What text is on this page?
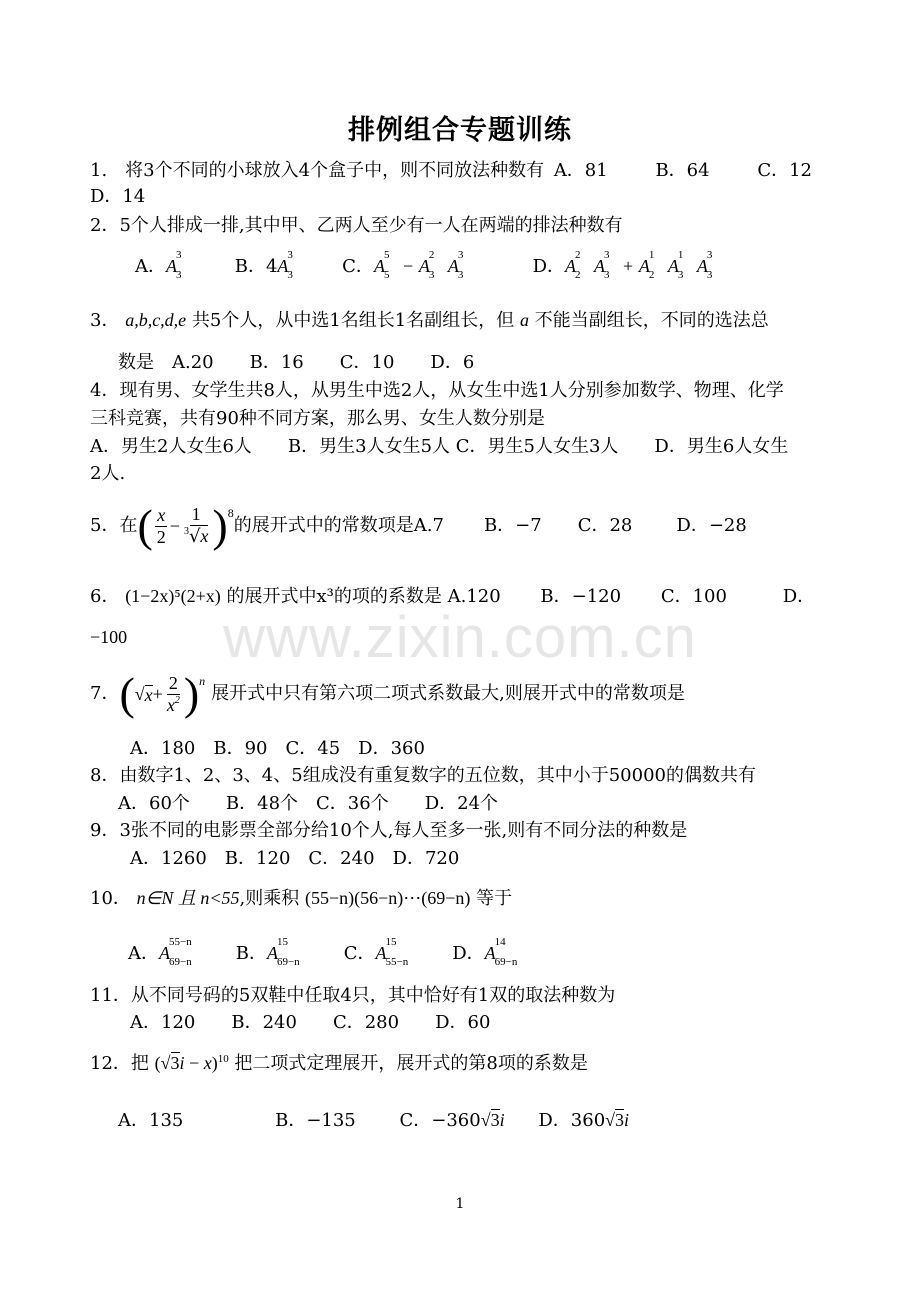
排例组合专题训练
1.　将3个不同的小球放入4个盒子中，则不同放法种数有 A．81	B．64	C．12
D．14
2．5个人排成一排,其中甲、乙两人至少有一人在两端的排法种数有
A．A
3
3	B．4A
3
3	C．A
5
5 − A
2
3 A
3
3	D．A
2
2 A
3
3 + A
1
2 A
1
3 A
3
3
3． a,b,c,d,e 共5个人，从中选1名组长1名副组长，但 a 不能当副组长，不同的选法总
数是　A.20　　B．16　　C．10　　D．6
4．现有男、女学生共8人，从男生中选2人，从女生中选1人分别参加数学、物理、化学
三科竞赛，共有90种不同方案，那么男、女生人数分别是
A．男生2人女生6人　　B．男生3人女生5人 C．男生5人女生3人　　D．男生6人女生
2人.
5．在 ( $\frac{x}{2} - \frac{1}{^3√x}$ ) 8
的展开式中的常数项是 A.7 B．−7 C．28 D．−28
6． (1−2x)⁵(2+x) 的展开式中x³的项的系数是 A.120 B．−120 C．100	D．
−100	www.zixin.com.cn
7． ( √ $x + \frac{2}{x^2}$ ) n
展开式中只有第六项二项式系数最大,则展开式中的常数项是
A．180　B．90　C．45　D．360
8．由数字1、2、3、4、5组成没有重复数字的五位数，其中小于50000的偶数共有
A．60个　　B．48个　C．36个　　D．24个
9．3张不同的电影票全部分给10个人,每人至多一张,则有不同分法的种数是
A．1260　B．120　C．240　D．720
10． n∈N 且 n<55,则乘积 (55−n)(56−n)⋯(69−n) 等于
A．A
55−n
69−n B．A
15
69−n C．A
15
55−n D．A
14
69−n
11．从不同号码的5双鞋中任取4只，其中恰好有1双的取法种数为
A．120　　B．240　　C．280　　D．60
12．把 $(√3i - x)^{10}$ 把二项式定理展开，展开式的第8项的系数是
A．135	B．−135 C．−360√3i D．360√3i
1
